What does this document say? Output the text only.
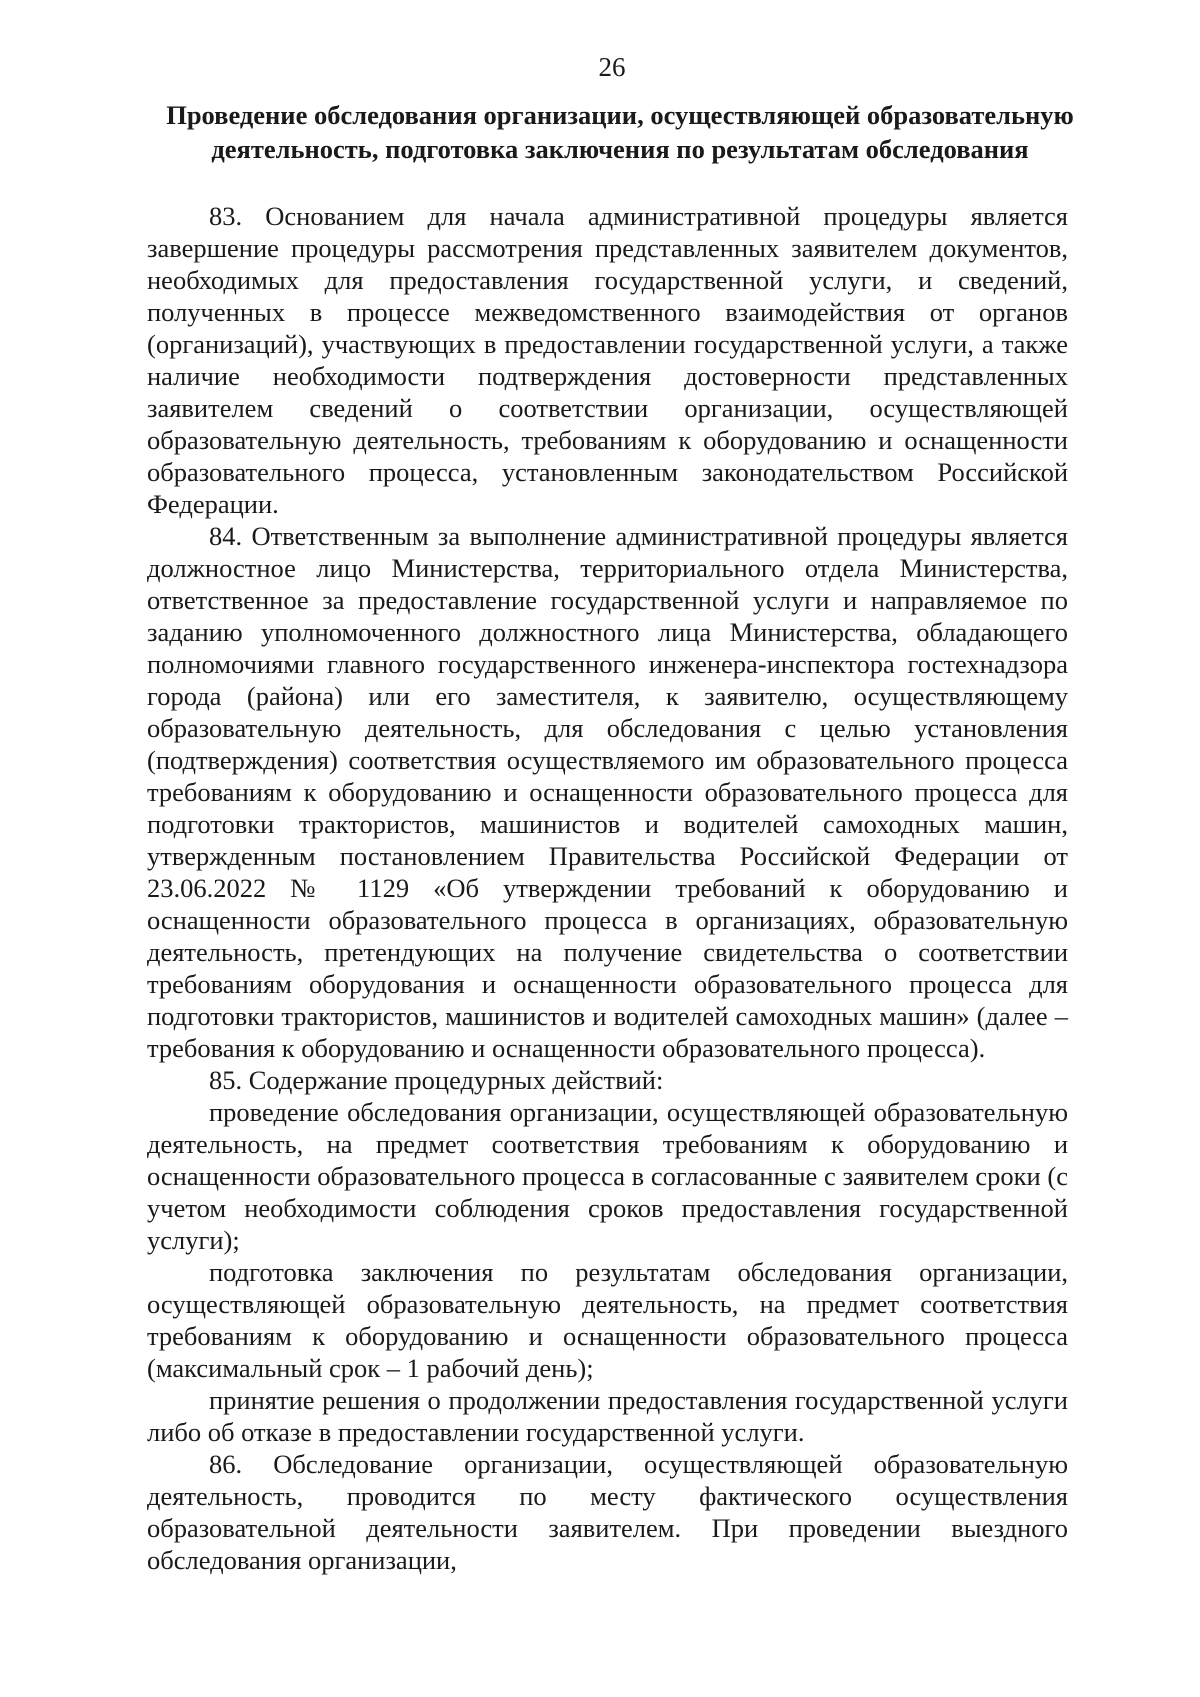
26
Проведение обследования организации, осуществляющей образовательную
деятельность, подготовка заключения по результатам обследования

83. Основанием для начала административной процедуры является завершение процедуры рассмотрения представленных заявителем документов, необходимых для предоставления государственной услуги, и сведений, полученных в процессе межведомственного взаимодействия от органов (организаций), участвующих в предоставлении государственной услуги, а также наличие необходимости подтверждения достоверности представленных заявителем сведений о соответствии организации, осуществляющей образовательную деятельность, требованиям к оборудованию и оснащенности образовательного процесса, установленным законодательством Российской Федерации.

84. Ответственным за выполнение административной процедуры является должностное лицо Министерства, территориального отдела Министерства, ответственное за предоставление государственной услуги и направляемое по заданию уполномоченного должностного лица Министерства, обладающего полномочиями главного государственного инженера-инспектора гостехнадзора города (района) или его заместителя, к заявителю, осуществляющему образовательную деятельность, для обследования с целью установления (подтверждения) соответствия осуществляемого им образовательного процесса требованиям к оборудованию и оснащенности образовательного процесса для подготовки трактористов, машинистов и водителей самоходных машин, утвержденным постановлением Правительства Российской Федерации от 23.06.2022 № 1129 «Об утверждении требований к оборудованию и оснащенности образовательного процесса в организациях, образовательную деятельность, претендующих на получение свидетельства о соответствии требованиям оборудования и оснащенности образовательного процесса для подготовки трактористов, машинистов и водителей самоходных машин» (далее – требования к оборудованию и оснащенности образовательного процесса).

85. Содержание процедурных действий:

проведение обследования организации, осуществляющей образовательную деятельность, на предмет соответствия требованиям к оборудованию и оснащенности образовательного процесса в согласованные с заявителем сроки (с учетом необходимости соблюдения сроков предоставления государственной услуги);

подготовка заключения по результатам обследования организации, осуществляющей образовательную деятельность, на предмет соответствия требованиям к оборудованию и оснащенности образовательного процесса (максимальный срок – 1 рабочий день);

принятие решения о продолжении предоставления государственной услуги либо об отказе в предоставлении государственной услуги.

86. Обследование организации, осуществляющей образовательную деятельность, проводится по месту фактического осуществления образовательной деятельности заявителем. При проведении выездного обследования организации,
